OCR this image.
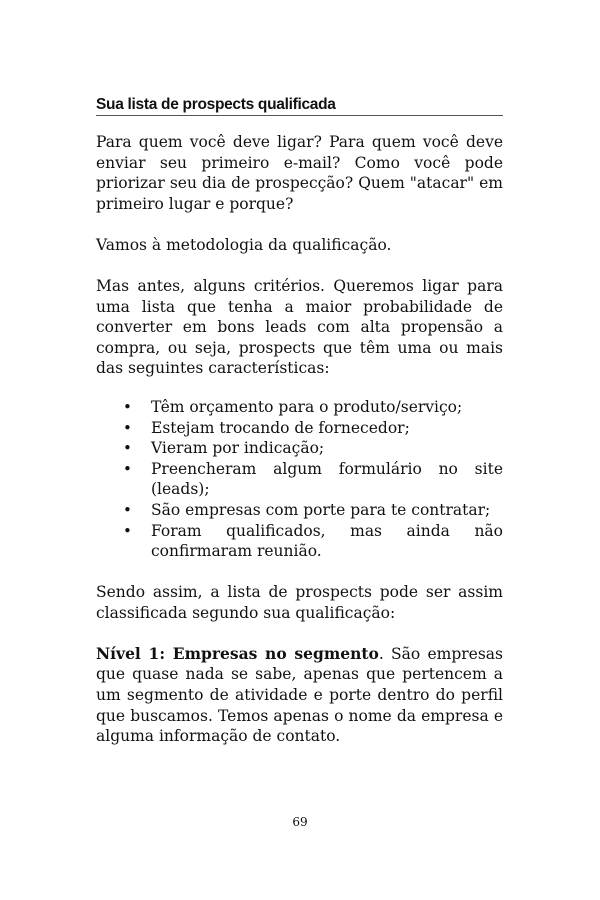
Sua lista de prospects qualificada

Para quem você deve ligar? Para quem você deve enviar seu primeiro e-mail? Como você pode priorizar seu dia de prospecção? Quem "atacar" em primeiro lugar e porque?

Vamos à metodologia da qualificação.

Mas antes, alguns critérios. Queremos ligar para uma lista que tenha a maior probabilidade de converter em bons leads com alta propensão a compra, ou seja, prospects que têm uma ou mais das seguintes características:

• Têm orçamento para o produto/serviço;
• Estejam trocando de fornecedor;
• Vieram por indicação;
• Preencheram algum formulário no site (leads);
• São empresas com porte para te contratar;
• Foram qualificados, mas ainda não confirmaram reunião.

Sendo assim, a lista de prospects pode ser assim classificada segundo sua qualificação:

Nível 1: Empresas no segmento. São empresas que quase nada se sabe, apenas que pertencem a um segmento de atividade e porte dentro do perfil que buscamos. Temos apenas o nome da empresa e alguma informação de contato.

69
